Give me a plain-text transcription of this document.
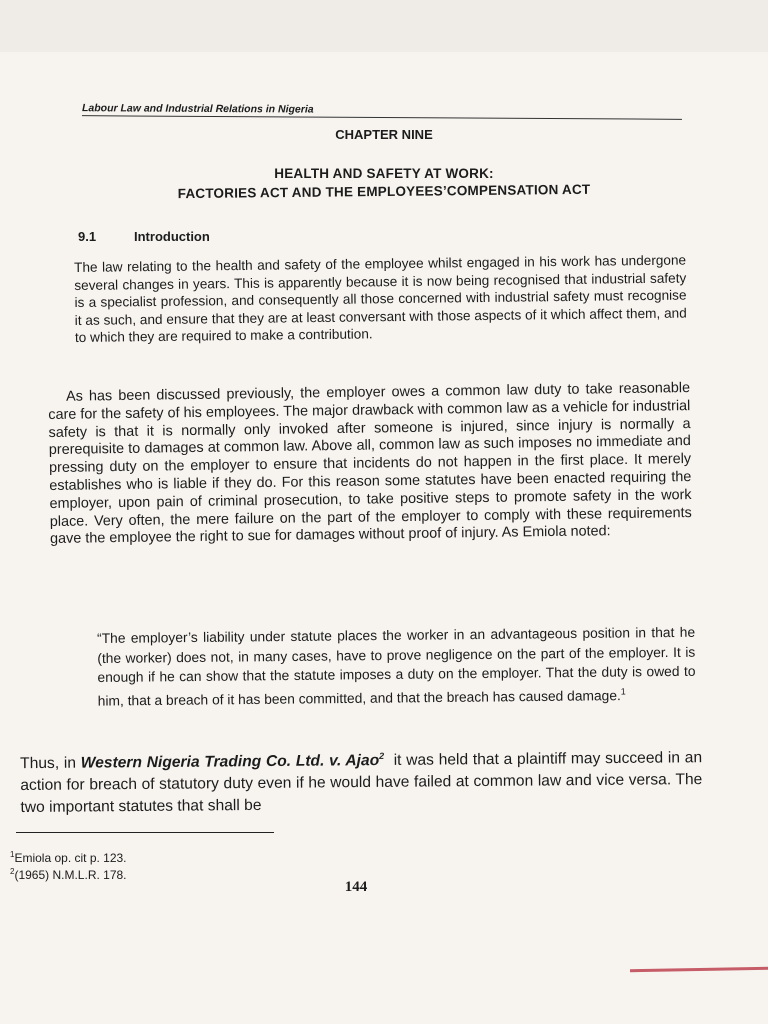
Labour Law and Industrial Relations in Nigeria
CHAPTER NINE
HEALTH AND SAFETY AT WORK:
FACTORIES ACT AND THE EMPLOYEES’COMPENSATION ACT
9.1	Introduction
The law relating to the health and safety of the employee whilst engaged in his work has undergone several changes in years. This is apparently because it is now being recognised that industrial safety is a specialist profession, and consequently all those concerned with industrial safety must recognise it as such, and ensure that they are at least conversant with those aspects of it which affect them, and to which they are required to make a contribution.
As has been discussed previously, the employer owes a common law duty to take reasonable care for the safety of his employees. The major drawback with common law as a vehicle for industrial safety is that it is normally only invoked after someone is injured, since injury is normally a prerequisite to damages at common law. Above all, common law as such imposes no immediate and pressing duty on the employer to ensure that incidents do not happen in the first place. It merely establishes who is liable if they do. For this reason some statutes have been enacted requiring the employer, upon pain of criminal prosecution, to take positive steps to promote safety in the work place. Very often, the mere failure on the part of the employer to comply with these requirements gave the employee the right to sue for damages without proof of injury. As Emiola noted:
“The employer’s liability under statute places the worker in an advantageous position in that he (the worker) does not, in many cases, have to prove negligence on the part of the employer. It is enough if he can show that the statute imposes a duty on the employer. That the duty is owed to him, that a breach of it has been committed, and that the breach has caused damage.$^1$
Thus, in Western Nigeria Trading Co. Ltd. v. Ajao$^2$ it was held that a plaintiff may succeed in an action for breach of statutory duty even if he would have failed at common law and vice versa. The two important statutes that shall be
$^1$Emiola op. cit p. 123.
$^2$(1965) N.M.L.R. 178.
144
